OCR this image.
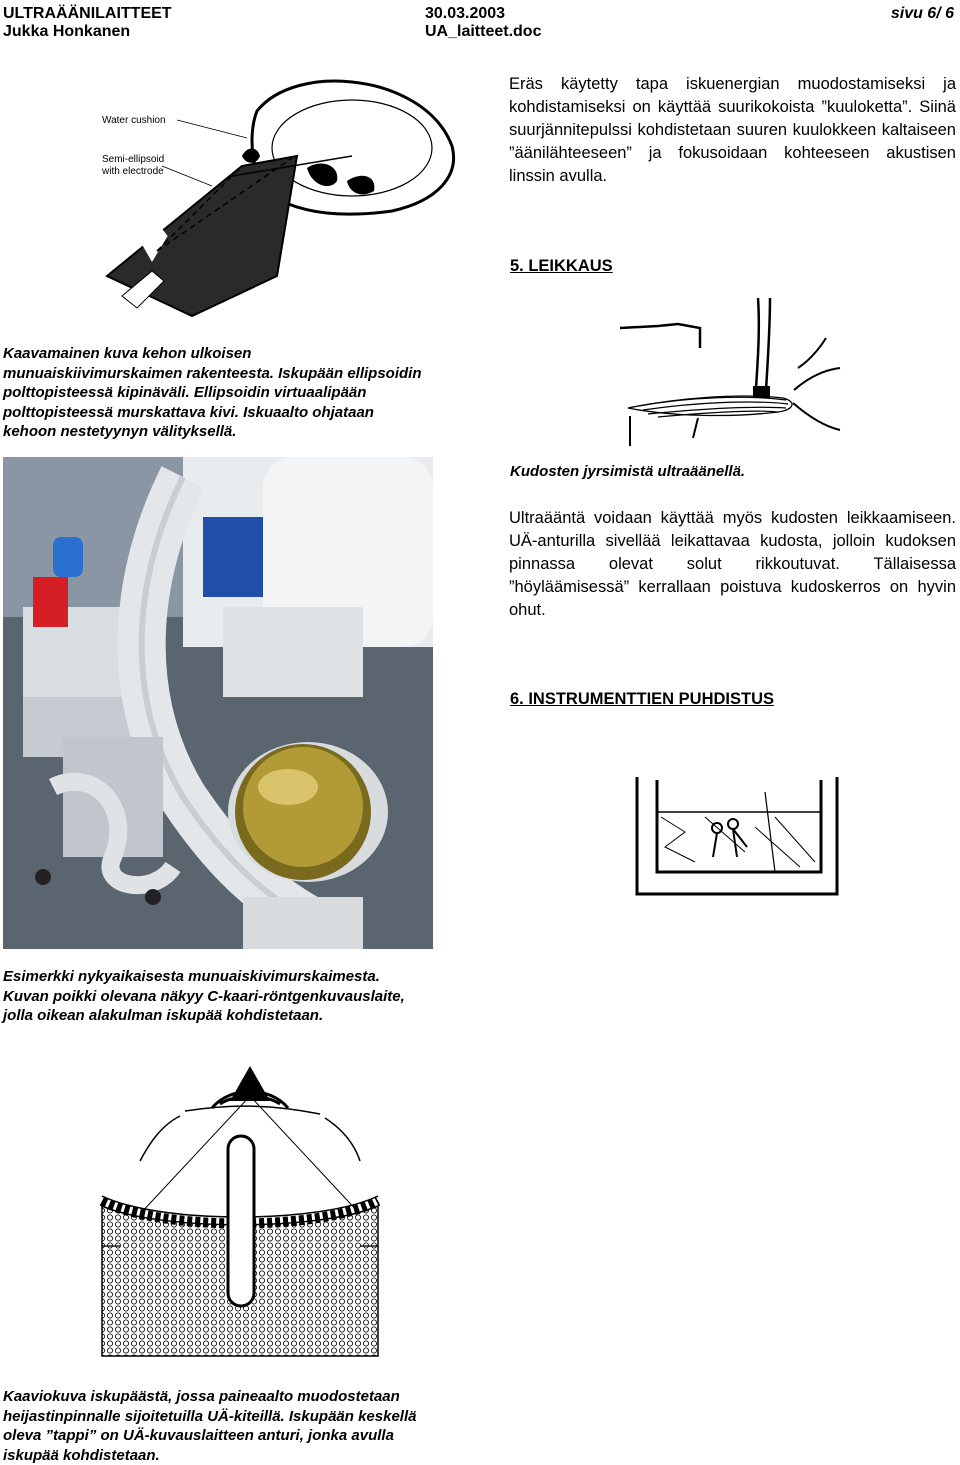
ULTRAÄÄNILAITTEET
Jukka Honkanen
30.03.2003
UA_laitteet.doc
sivu 6/ 6
Eräs käytetty tapa iskuenergian muodostamiseksi ja kohdistamiseksi on käyttää suurikokoista ”kuuloketta”. Siinä suurjännitepulssi kohdistetaan suuren kuulokkeen kaltaiseen ”äänilähteeseen” ja fokusoidaan kohteeseen akustisen linssin avulla.
Water cushion
Semi-ellipsoid
with electrode
5. LEIKKAUS
Kaavamainen kuva kehon ulkoisen
munuaiskiivimurskaimen rakenteesta. Iskupään ellipsoidin
polttopisteessä kipinäväli. Ellipsoidin virtuaalipään
polttopisteessä murskattava kivi. Iskuaalto ohjataan
kehoon nestetyynyn välityksellä.
Kudosten jyrsimistä ultraäänellä.
Ultraääntä voidaan käyttää myös kudosten leikkaamiseen. UÄ-anturilla sivellää leikattavaa kudosta, jolloin kudoksen pinnassa olevat solut rikkoutuvat. Tällaisessa ”höyläämisessä” kerrallaan poistuva kudoskerros on hyvin ohut.
Esimerkki nykyaikaisesta munuaiskivimurskaimesta.
Kuvan poikki olevana näkyy C-kaari-röntgenkuvauslaite,
jolla oikean alakulman iskupää kohdistetaan.
6. INSTRUMENTTIEN PUHDISTUS
Kaaviokuva iskupäästä, jossa paineaalto muodostetaan
heijastinpinnalle sijoitetuilla UÄ-kiteillä. Iskupään keskellä
oleva ”tappi” on UÄ-kuvauslaitteen anturi, jonka avulla
iskupää kohdistetaan.
